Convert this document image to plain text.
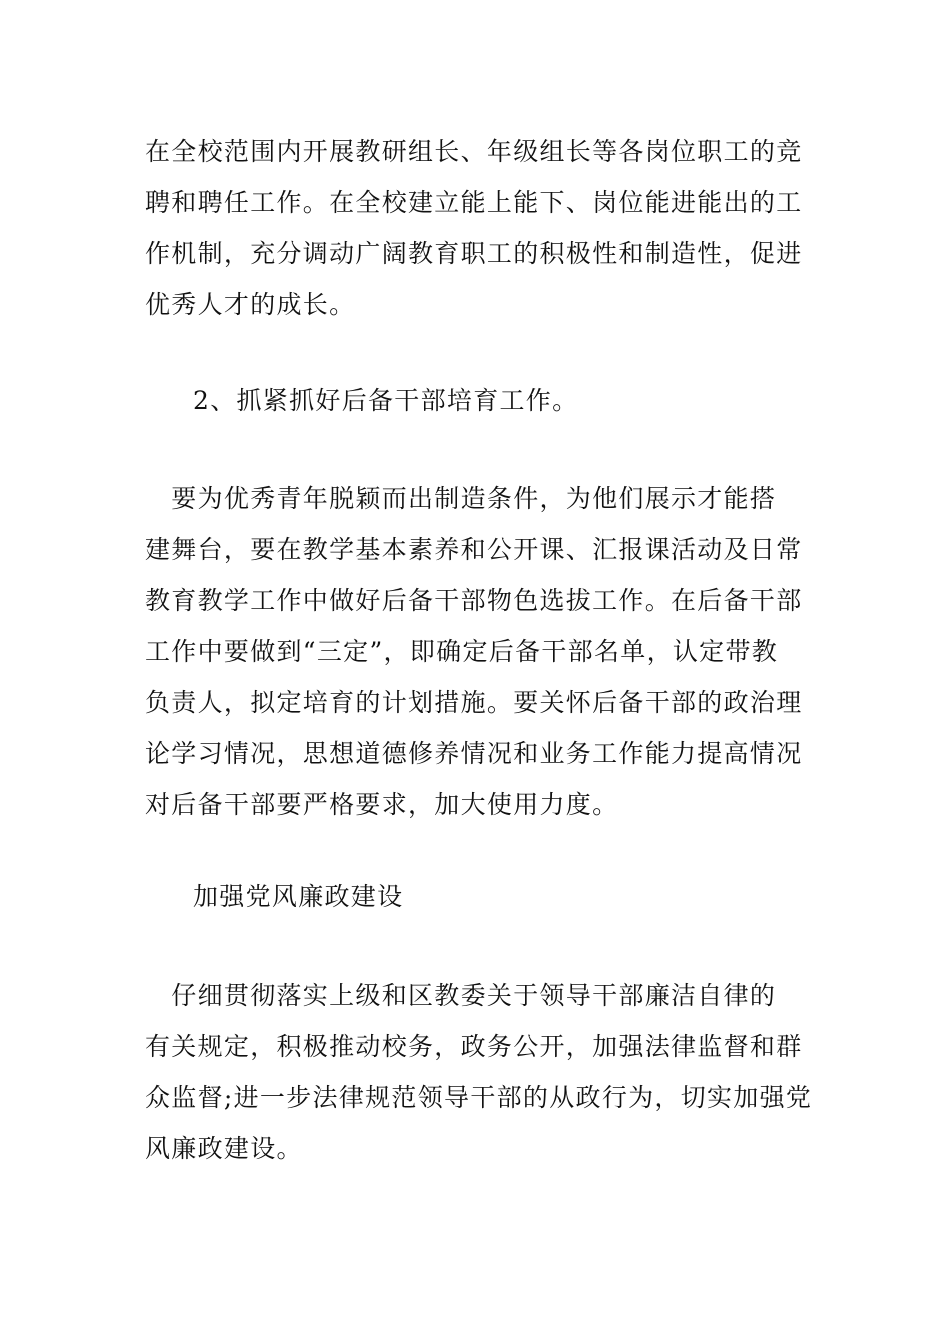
在全校范围内开展教研组长、年级组长等各岗位职工的竞
聘和聘任工作。在全校建立能上能下、岗位能进能出的工
作机制，充分调动广阔教育职工的积极性和制造性，促进
优秀人才的成长。

2、抓紧抓好后备干部培育工作。

　要为优秀青年脱颖而出制造条件，为他们展示才能搭
建舞台，要在教学基本素养和公开课、汇报课活动及日常
教育教学工作中做好后备干部物色选拔工作。在后备干部
工作中要做到“三定”，即确定后备干部名单，认定带教
负责人，拟定培育的计划措施。要关怀后备干部的政治理
论学习情况，思想道德修养情况和业务工作能力提高情况
对后备干部要严格要求，加大使用力度。

加强党风廉政建设

　仔细贯彻落实上级和区教委关于领导干部廉洁自律的
有关规定，积极推动校务，政务公开，加强法律监督和群
众监督;进一步法律规范领导干部的从政行为，切实加强党
风廉政建设。
